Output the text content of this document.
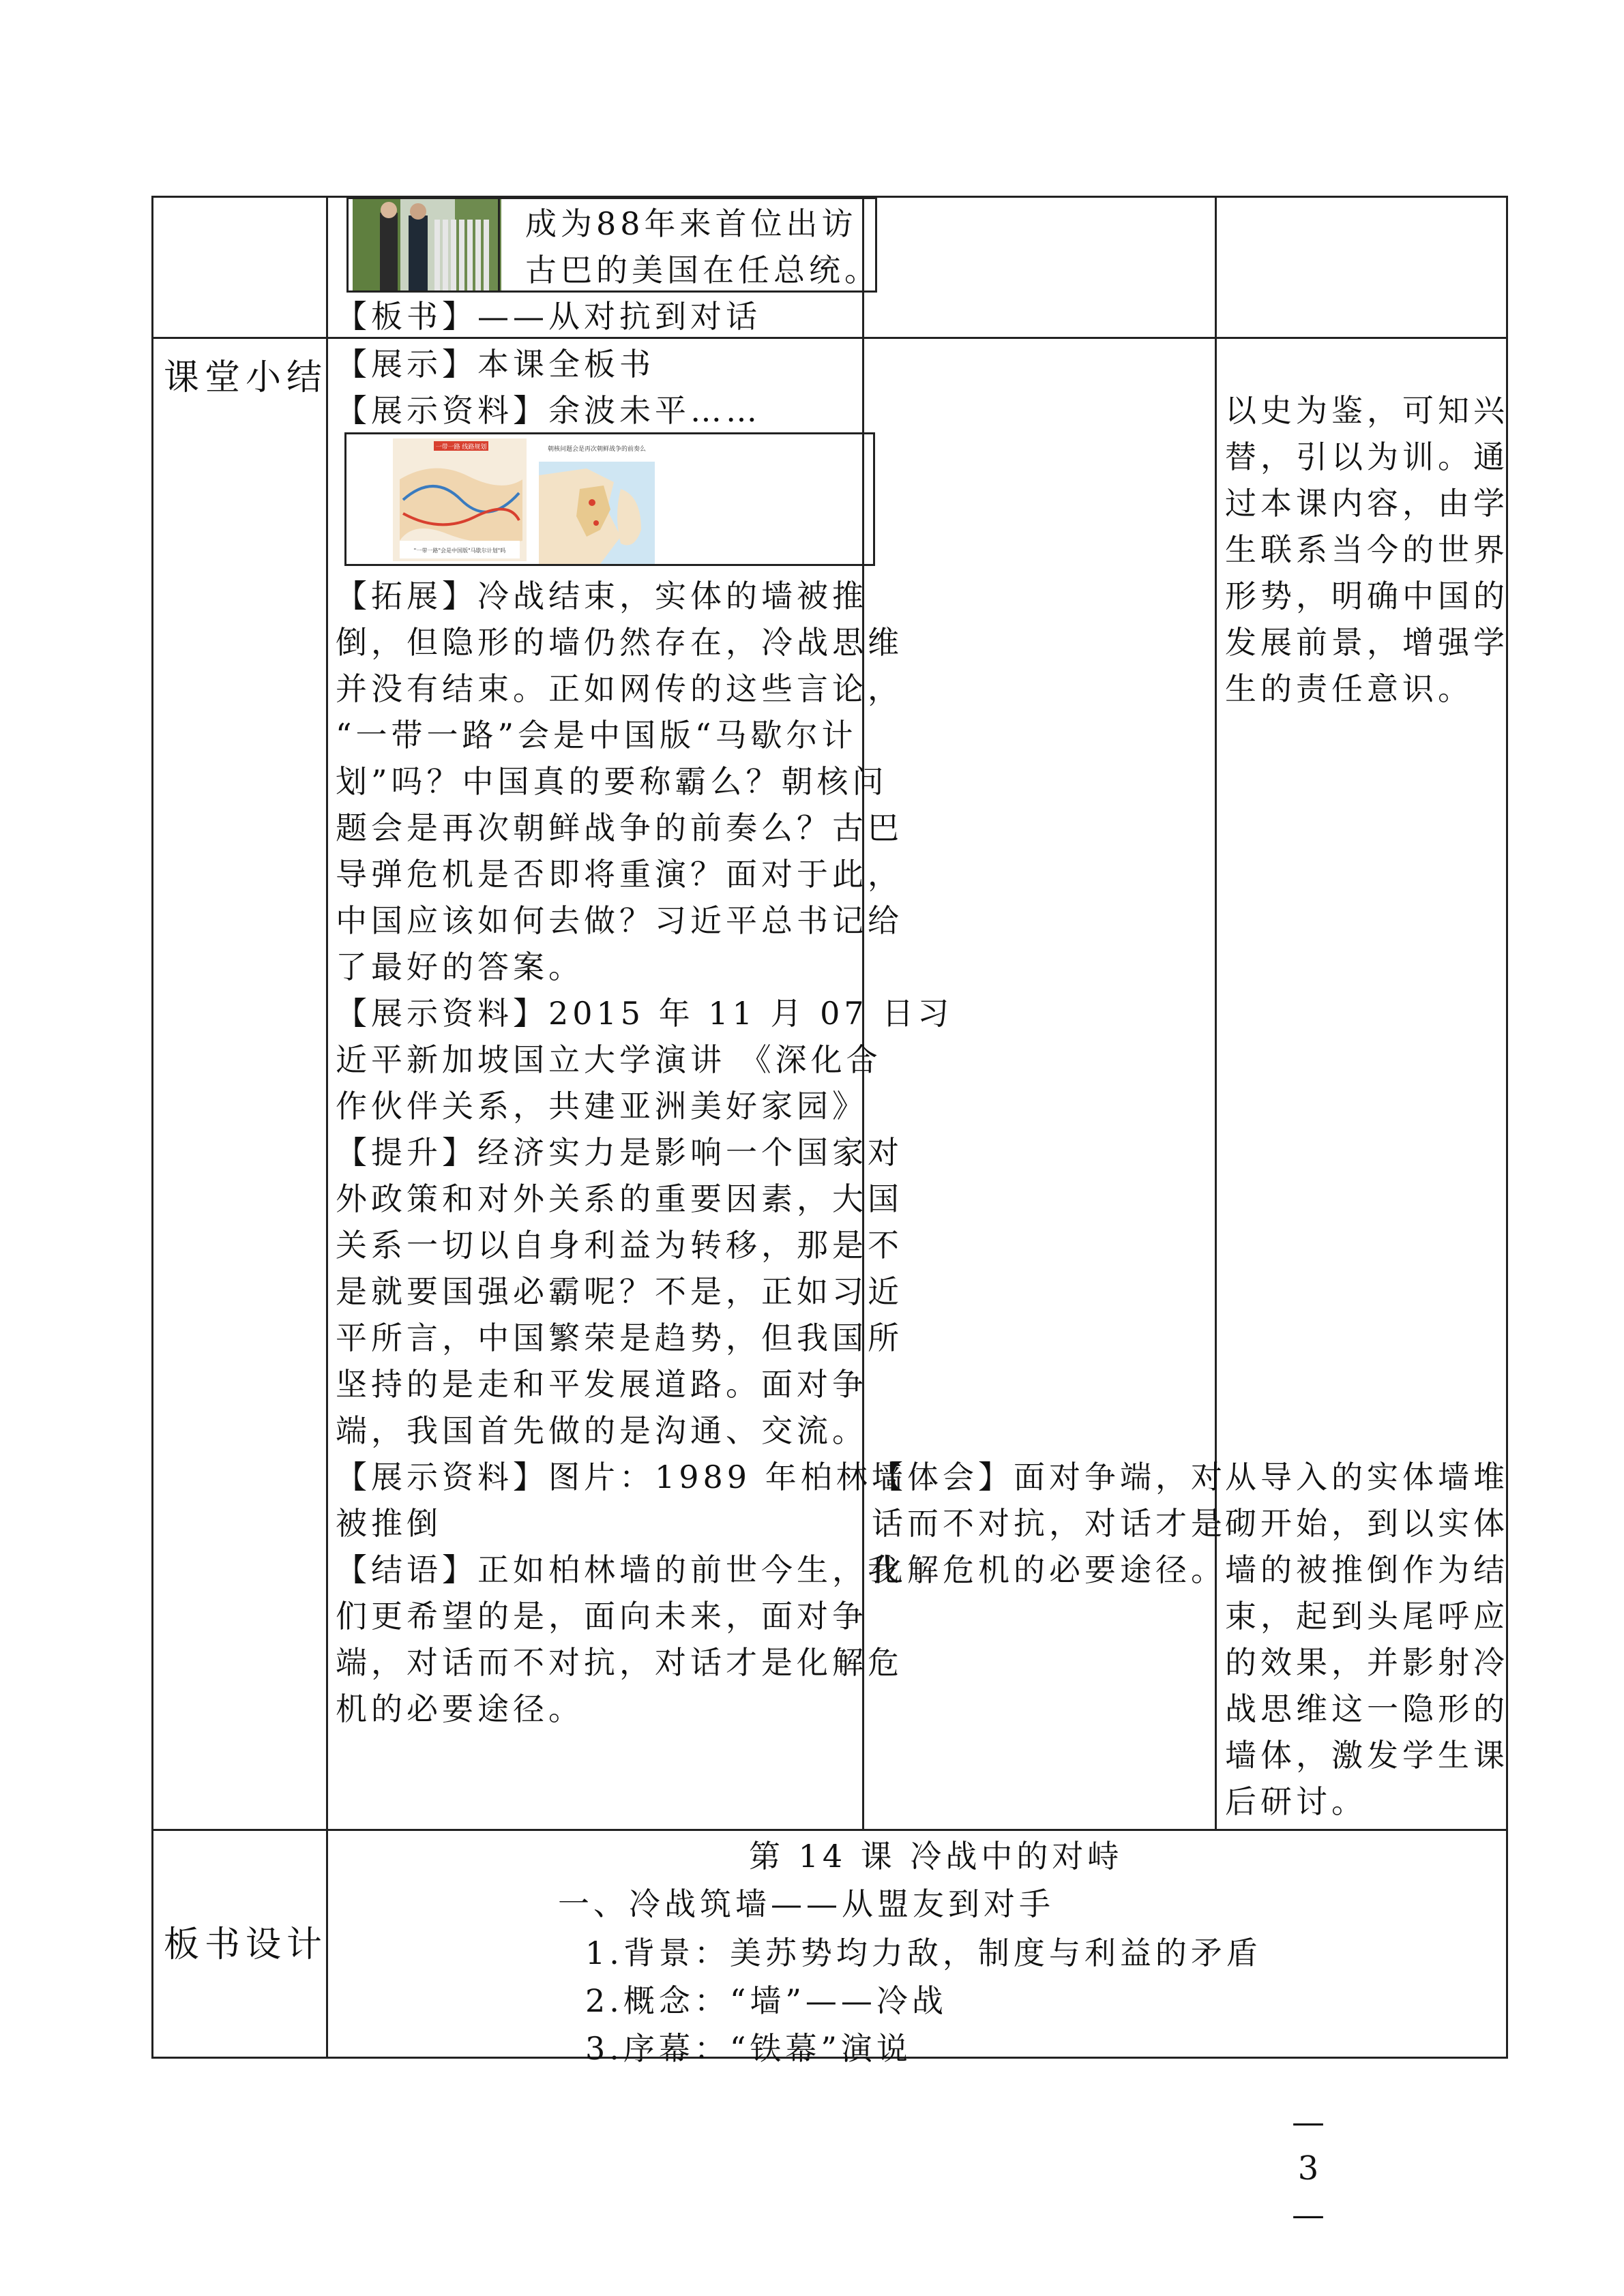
成为88年来首位出访
古巴的美国在任总统。
【板书】——从对抗到对话
课堂小结 【展示】本课全板书
【展示资料】余波未平……
一带一路 线路规划
"一带一路"会是中国版"马歇尔计划"吗
朝核问题会是再次朝鲜战争的前奏么
【拓展】冷战结束，实体的墙被推
倒，但隐形的墙仍然存在，冷战思维
并没有结束。正如网传的这些言论，
“一带一路”会是中国版“马歇尔计
划”吗？中国真的要称霸么？朝核问
题会是再次朝鲜战争的前奏么？古巴
导弹危机是否即将重演？面对于此，
中国应该如何去做？习近平总书记给
了最好的答案。
【展示资料】2015 年 11 月 07 日习
近平新加坡国立大学演讲 《深化合
作伙伴关系，共建亚洲美好家园》
【提升】经济实力是影响一个国家对
外政策和对外关系的重要因素，大国
关系一切以自身利益为转移，那是不
是就要国强必霸呢？不是，正如习近
平所言，中国繁荣是趋势，但我国所
坚持的是走和平发展道路。面对争
端，我国首先做的是沟通、交流。
【展示资料】图片：1989 年柏林墙
被推倒
【结语】正如柏林墙的前世今生，我
们更希望的是，面向未来，面对争
端，对话而不对抗，对话才是化解危
机的必要途径。
【体会】面对争端，对
话而不对抗，对话才是
化解危机的必要途径。
以史为鉴，可知兴
替，引以为训。通
过本课内容，由学
生联系当今的世界
形势，明确中国的
发展前景，增强学
生的责任意识。
从导入的实体墙堆
砌开始，到以实体
墙的被推倒作为结
束，起到头尾呼应
的效果，并影射冷
战思维这一隐形的
墙体，激发学生课
后研讨。
板书设计
第 14 课 冷战中的对峙
一、冷战筑墙——从盟友到对手
1.背景：美苏势均力敌，制度与利益的矛盾
2.概念：“墙”——冷战
3.序幕：“铁幕”演说
—
3
—
